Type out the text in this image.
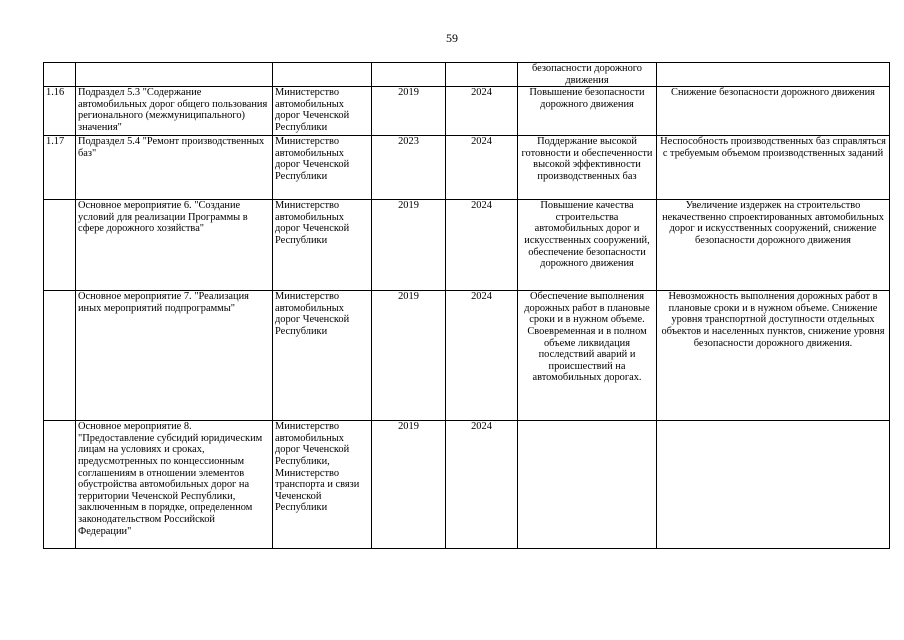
59
					безопасности дорожного движения	
1.16	Подраздел 5.3 "Содержание автомобильных дорог общего пользования регионального (межмуниципального) значения"	Министерство автомобильных дорог Чеченской Республики	2019	2024	Повышение безопасности дорожного движения	Снижение безопасности дорожного движения
1.17	Подраздел 5.4 "Ремонт производственных баз"	Министерство автомобильных дорог Чеченской Республики	2023	2024	Поддержание высокой готовности и обеспеченности высокой эффективности производственных баз	Неспособность производственных баз справляться с требуемым объемом производственных заданий
	Основное мероприятие 6. "Создание условий для реализации Программы в сфере дорожного хозяйства"	Министерство автомобильных дорог Чеченской Республики	2019	2024	Повышение качества строительства автомобильных дорог и искусственных сооружений, обеспечение безопасности дорожного движения	Увеличение издержек на строительство некачественно спроектированных автомобильных дорог и искусственных сооружений, снижение безопасности дорожного движения
	Основное мероприятие 7. "Реализация иных мероприятий подпрограммы"	Министерство автомобильных дорог Чеченской Республики	2019	2024	Обеспечение выполнения дорожных работ в плановые сроки и в нужном объеме. Своевременная и в полном объеме ликвидация последствий аварий и происшествий на автомобильных дорогах.	Невозможность выполнения дорожных работ в плановые сроки и в нужном объеме. Снижение уровня транспортной доступности отдельных объектов и населенных пунктов, снижение уровня безопасности дорожного движения.
	Основное мероприятие 8. "Предоставление субсидий юридическим лицам на условиях и сроках, предусмотренных по концессионным соглашениям в отношении элементов обустройства автомобильных дорог на территории Чеченской Республики, заключенным в порядке, определенном законодательством Российской Федерации"	Министерство автомобильных дорог Чеченской Республики, Министерство транспорта и связи Чеченской Республики	2019	2024		
